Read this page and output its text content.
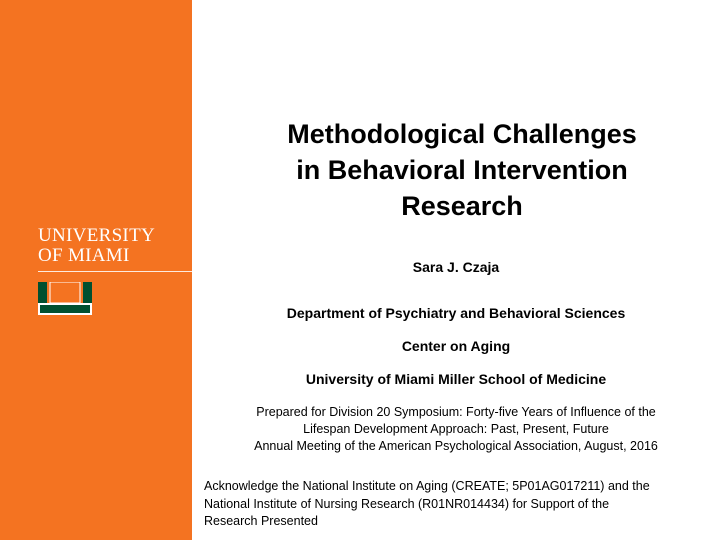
UNIVERSITY
OF MIAMI
Methodological Challenges
in Behavioral Intervention
Research

Sara J. Czaja

Department of Psychiatry and Behavioral Sciences

Center on Aging

University of Miami Miller School of Medicine

Prepared for Division 20 Symposium: Forty-five Years of Influence of the
Lifespan Development Approach: Past, Present, Future
Annual Meeting of the American Psychological Association, August, 2016

Acknowledge the National Institute on Aging (CREATE; 5P01AG017211) and the
National Institute of Nursing Research (R01NR014434) for Support of the
Research Presented
